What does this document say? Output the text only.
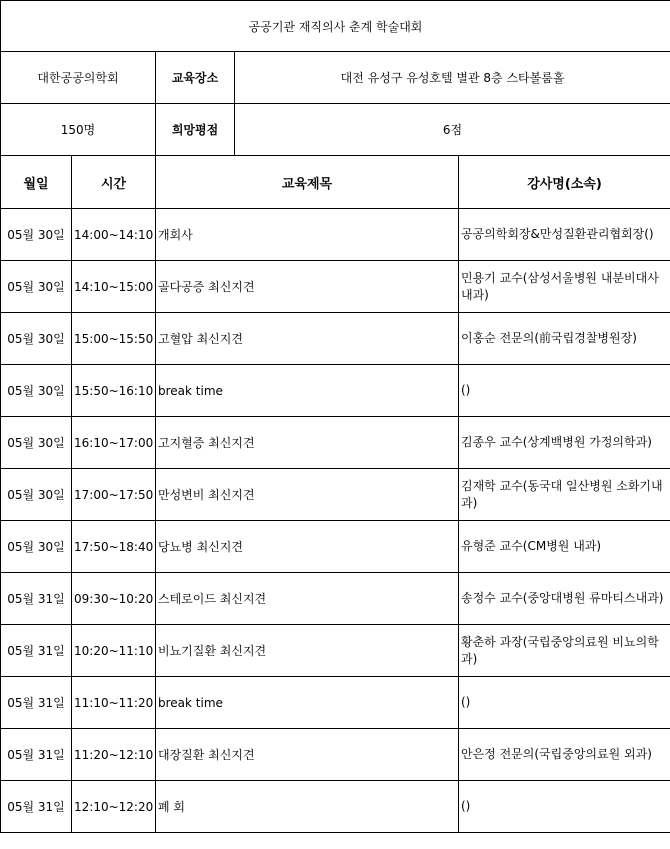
공공기관 재직의사 춘계 학술대회				
대한공공의학회		교육장소	대전 유성구 유성호텔 별관 8층 스타볼룸홀	
150명		희망평점	6점	
월일	시간	교육제목		강사명(소속)
05월 30일	14:00~14:10	개회사		공공의학회장&만성질환관리협회장()
05월 30일	14:10~15:00	골다공증 최신지견		민용기 교수(삼성서울병원 내분비대사내과)
05월 30일	15:00~15:50	고혈압 최신지견		이홍순 전문의(前국립경찰병원장)
05월 30일	15:50~16:10	break time		()
05월 30일	16:10~17:00	고지혈증 최신지견		김종우 교수(상계백병원 가정의학과)
05월 30일	17:00~17:50	만성변비 최신지견		김재학 교수(동국대 일산병원 소화기내과)
05월 30일	17:50~18:40	당뇨병 최신지견		유형준 교수(CM병원 내과)
05월 31일	09:30~10:20	스테로이드 최신지견		송정수 교수(중앙대병원 류마티스내과)
05월 31일	10:20~11:10	비뇨기질환 최신지견		황춘하 과장(국립중앙의료원 비뇨의학과)
05월 31일	11:10~11:20	break time		()
05월 31일	11:20~12:10	대장질환 최신지견		안은정 전문의(국립중앙의료원 외과)
05월 31일	12:10~12:20	폐 회		()
